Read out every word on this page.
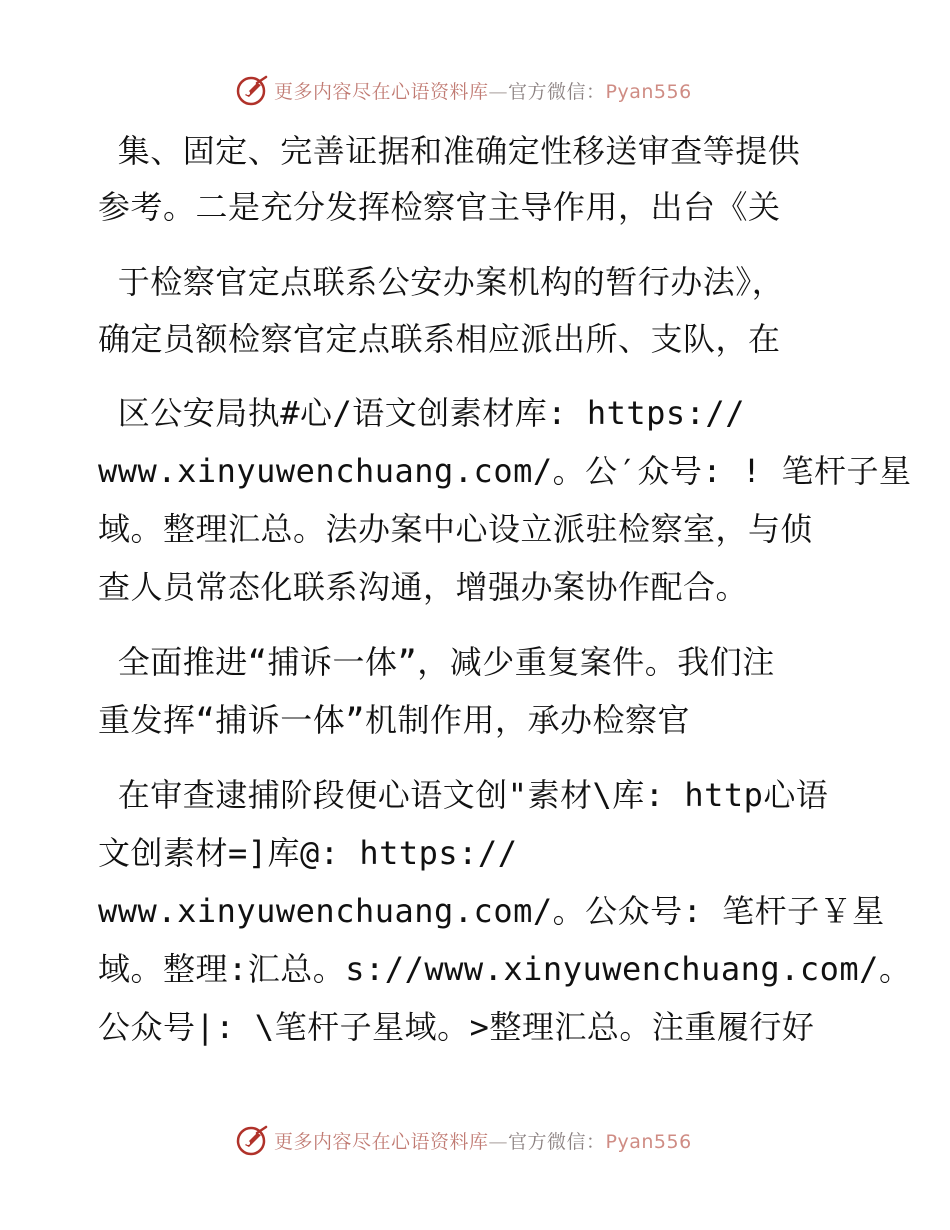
更多内容尽在心语资料库—官方微信：Pyan556
集、固定、完善证据和准确定性移送审查等提供
参考。二是充分发挥检察官主导作用，出台《关
于检察官定点联系公安办案机构的暂行办法》，
确定员额检察官定点联系相应派出所、支队，在
区公安局执#心/语文创素材库: https://
www.xinyuwenchuang.com/。公′众号: ! 笔杆子星
域。整理汇总。法办案中心设立派驻检察室，与侦
查人员常态化联系沟通，增强办案协作配合。
全面推进“捕诉一体”，减少重复案件。我们注
重发挥“捕诉一体”机制作用，承办检察官
在审查逮捕阶段便心语文创"素材\库: http心语
文创素材=]库@: https://
www.xinyuwenchuang.com/。公众号: 笔杆子￥星
域。整理:汇总。s://www.xinyuwenchuang.com/。
公众号|: \笔杆子星域。>整理汇总。注重履行好
更多内容尽在心语资料库—官方微信：Pyan556
